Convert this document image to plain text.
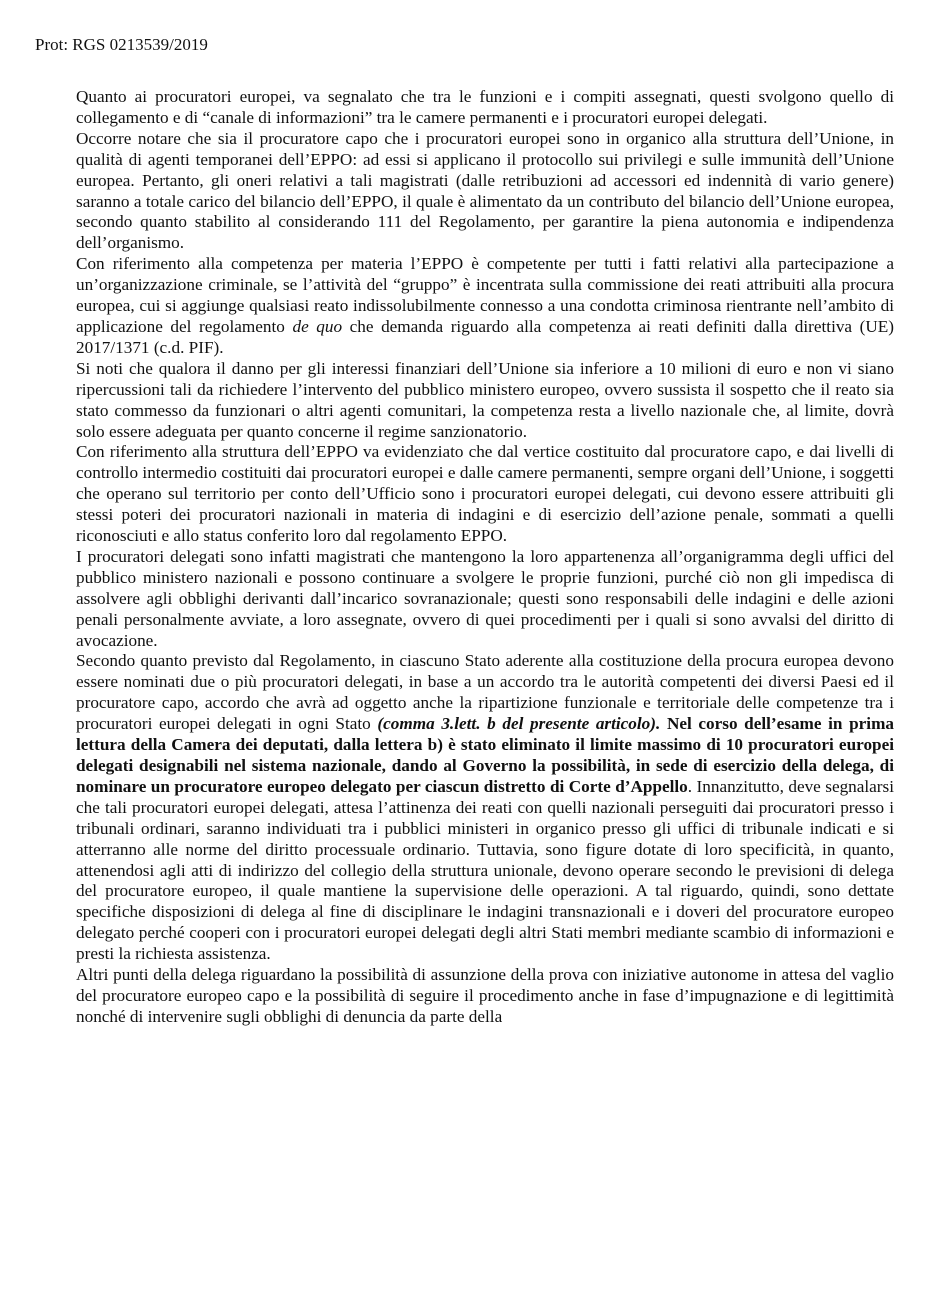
Prot: RGS 0213539/2019

Quanto ai procuratori europei, va segnalato che tra le funzioni e i compiti assegnati, questi svolgono quello di collegamento e di “canale di informazioni” tra le camere permanenti e i procuratori europei delegati.

Occorre notare che sia il procuratore capo che i procuratori europei sono in organico alla struttura dell’Unione, in qualità di agenti temporanei dell’EPPO: ad essi si applicano il protocollo sui privilegi e sulle immunità dell’Unione europea. Pertanto, gli oneri relativi a tali magistrati (dalle retribuzioni ad accessori ed indennità di vario genere) saranno a totale carico del bilancio dell’EPPO, il quale è alimentato da un contributo del bilancio dell’Unione europea, secondo quanto stabilito al considerando 111 del Regolamento, per garantire la piena autonomia e indipendenza dell’organismo.

Con riferimento alla competenza per materia l’EPPO è competente per tutti i fatti relativi alla partecipazione a un’organizzazione criminale, se l’attività del “gruppo” è incentrata sulla commissione dei reati attribuiti alla procura europea, cui si aggiunge qualsiasi reato indissolubilmente connesso a una condotta criminosa rientrante nell’ambito di applicazione del regolamento de quo che demanda riguardo alla competenza ai reati definiti dalla direttiva (UE) 2017/1371 (c.d. PIF).

Si noti che qualora il danno per gli interessi finanziari dell’Unione sia inferiore a 10 milioni di euro e non vi siano ripercussioni tali da richiedere l’intervento del pubblico ministero europeo, ovvero sussista il sospetto che il reato sia stato commesso da funzionari o altri agenti comunitari, la competenza resta a livello nazionale che, al limite, dovrà solo essere adeguata per quanto concerne il regime sanzionatorio.

Con riferimento alla struttura dell’EPPO va evidenziato che dal vertice costituito dal procuratore capo, e dai livelli di controllo intermedio costituiti dai procuratori europei e dalle camere permanenti, sempre organi dell’Unione, i soggetti che operano sul territorio per conto dell’Ufficio sono i procuratori europei delegati, cui devono essere attribuiti gli stessi poteri dei procuratori nazionali in materia di indagini e di esercizio dell’azione penale, sommati a quelli riconosciuti e allo status conferito loro dal regolamento EPPO.

I procuratori delegati sono infatti magistrati che mantengono la loro appartenenza all’organigramma degli uffici del pubblico ministero nazionali e possono continuare a svolgere le proprie funzioni, purché ciò non gli impedisca di assolvere agli obblighi derivanti dall’incarico sovranazionale; questi sono responsabili delle indagini e delle azioni penali personalmente avviate, a loro assegnate, ovvero di quei procedimenti per i quali si sono avvalsi del diritto di avocazione.

Secondo quanto previsto dal Regolamento, in ciascuno Stato aderente alla costituzione della procura europea devono essere nominati due o più procuratori delegati, in base a un accordo tra le autorità competenti dei diversi Paesi ed il procuratore capo, accordo che avrà ad oggetto anche la ripartizione funzionale e territoriale delle competenze tra i procuratori europei delegati in ogni Stato (comma 3.lett. b del presente articolo). Nel corso dell’esame in prima lettura della Camera dei deputati, dalla lettera b) è stato eliminato il limite massimo di 10 procuratori europei delegati designabili nel sistema nazionale, dando al Governo la possibilità, in sede di esercizio della delega, di nominare un procuratore europeo delegato per ciascun distretto di Corte d’Appello. Innanzitutto, deve segnalarsi che tali procuratori europei delegati, attesa l’attinenza dei reati con quelli nazionali perseguiti dai procuratori presso i tribunali ordinari, saranno individuati tra i pubblici ministeri in organico presso gli uffici di tribunale indicati e si atterranno alle norme del diritto processuale ordinario. Tuttavia, sono figure dotate di loro specificità, in quanto, attenendosi agli atti di indirizzo del collegio della struttura unionale, devono operare secondo le previsioni di delega del procuratore europeo, il quale mantiene la supervisione delle operazioni. A tal riguardo, quindi, sono dettate specifiche disposizioni di delega al fine di disciplinare le indagini transnazionali e i doveri del procuratore europeo delegato perché cooperi con i procuratori europei delegati degli altri Stati membri mediante scambio di informazioni e presti la richiesta assistenza.

Altri punti della delega riguardano la possibilità di assunzione della prova con iniziative autonome in attesa del vaglio del procuratore europeo capo e la possibilità di seguire il procedimento anche in fase d’impugnazione e di legittimità nonché di intervenire sugli obblighi di denuncia da parte della
